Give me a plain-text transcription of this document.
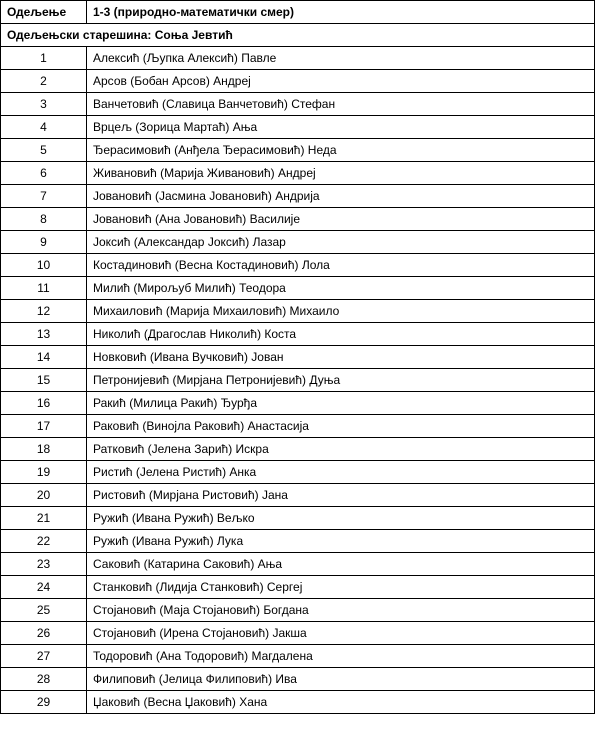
Одељење	1-3 (природно-математички смер)
Одељењски старешина: Соња Јевтић	
1	Алексић (Љупка Алексић) Павле
2	Арсов (Бобан Арсов) Андреј
3	Ванчетовић (Славица Ванчетовић) Стефан
4	Врцељ (Зорица Мартаћ) Ања
5	Ђерасимовић (Анђела Ђерасимовић) Неда
6	Живановић (Марија Живановић) Андреј
7	Јовановић (Јасмина Јовановић) Андрија
8	Јовановић (Ана Јовановић) Василије
9	Јоксић (Александар Јоксић) Лазар
10	Костадиновић (Весна Костадиновић) Лола
11	Милић (Мирољуб Милић) Теодора
12	Михаиловић (Марија Михаиловић) Михаило
13	Николић (Драгослав Николић) Коста
14	Новковић (Ивана Вучковић) Јован
15	Петронијевић (Мирјана Петронијевић) Дуња
16	Ракић (Милица Ракић) Ђурђа
17	Раковић (Винојла Раковић) Анастасија
18	Ратковић (Јелена Зарић) Искра
19	Ристић (Јелена Ристић) Анка
20	Ристовић (Мирјана Ристовић) Јана
21	Ружић (Ивана Ружић) Вељко
22	Ружић (Ивана Ружић) Лука
23	Саковић (Катарина Саковић) Ања
24	Станковић (Лидија Станковић) Сергеј
25	Стојановић (Маја Стојановић) Богдана
26	Стојановић (Ирена Стојановић) Јакша
27	Тодоровић (Ана Тодоровић) Магдалена
28	Филиповић (Јелица Филиповић) Ива
29	Џаковић (Весна Џаковић) Хана
